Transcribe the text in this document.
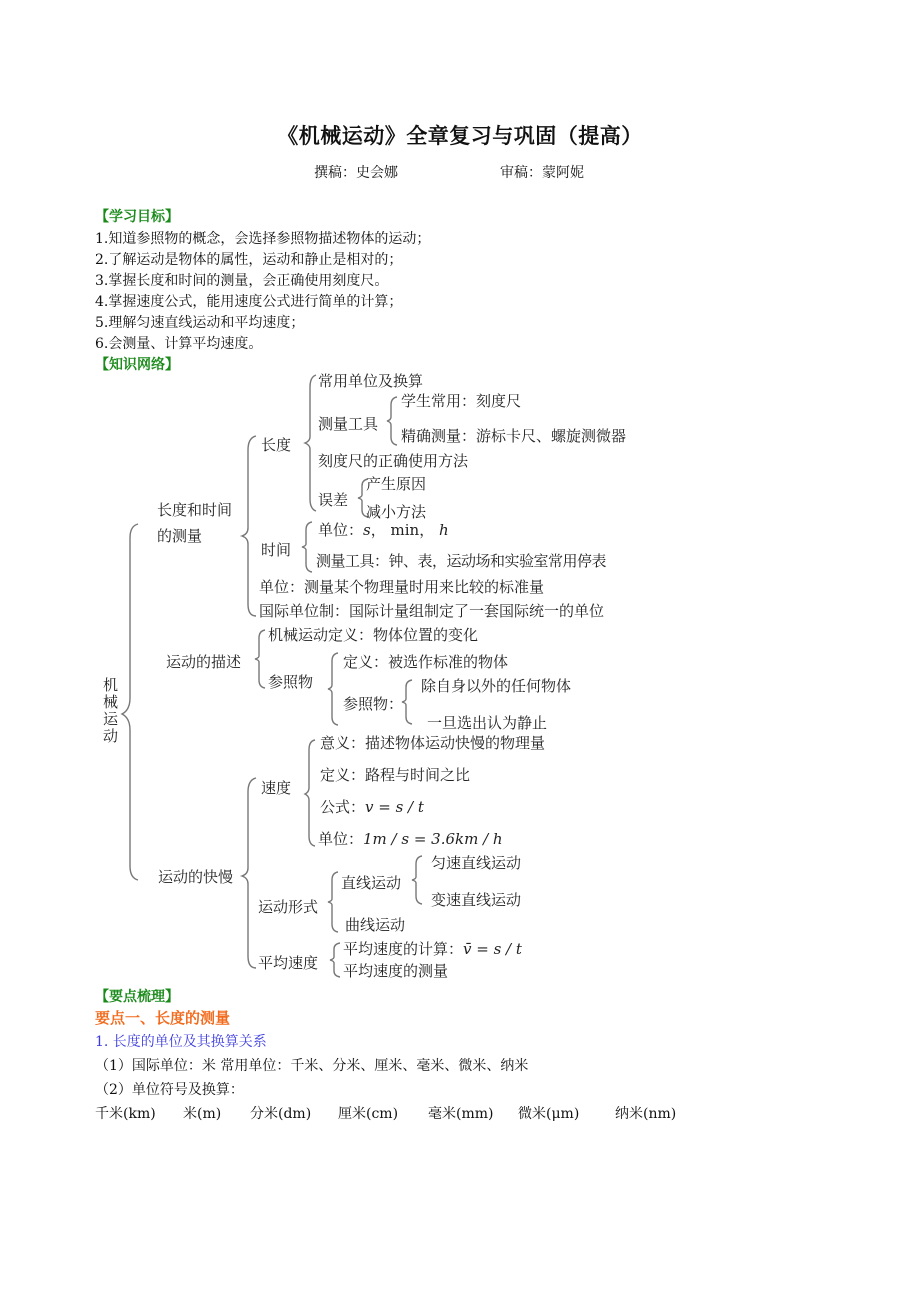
《机械运动》全章复习与巩固（提高）
撰稿：史会娜	审稿：蒙阿妮
【学习目标】
1.知道参照物的概念，会选择参照物描述物体的运动；
2.了解运动是物体的属性，运动和静止是相对的；
3.掌握长度和时间的测量，会正确使用刻度尺。
4.掌握速度公式，能用速度公式进行简单的计算；
5.理解匀速直线运动和平均速度；
6.会测量、计算平均速度。
【知识网络】
机械运动
长度和时间
的测量
长度
常用单位及换算
测量工具
学生常用：刻度尺
精确测量：游标卡尺、螺旋测微器
刻度尺的正确使用方法
误差
产生原因
减小方法
时间
单位：s， min， h
测量工具：钟、表，运动场和实验室常用停表
单位：测量某个物理量时用来比较的标准量
国际单位制：国际计量组制定了一套国际统一的单位
运动的描述
机械运动定义：物体位置的变化
参照物
定义：被选作标准的物体
参照物：
除自身以外的任何物体
一旦选出认为静止
运动的快慢
速度
意义：描述物体运动快慢的物理量
定义：路程与时间之比
公式：v = s / t
单位：1m / s = 3.6km / h
运动形式
直线运动
匀速直线运动
变速直线运动
曲线运动
平均速度
平均速度的计算：v̄ = s / t
平均速度的测量
【要点梳理】
要点一、长度的测量
1. 长度的单位及其换算关系
（1）国际单位：米 常用单位：千米、分米、厘米、毫米、微米、纳米
（2）单位符号及换算：
千米(km) 米(m) 分米(dm) 厘米(cm) 毫米(mm) 微米(μm)	纳米(nm)
